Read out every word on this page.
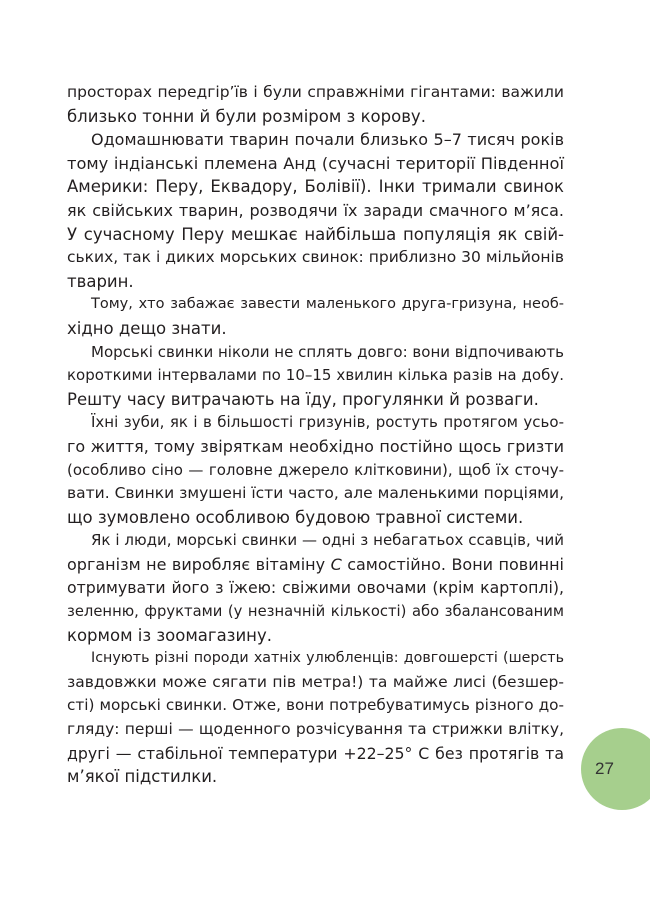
просторах передгір’їв і були справжніми гігантами: важили
близько тонни й були розміром з корову.
Одомашнювати тварин почали близько 5–7 тисяч років
тому індіанські племена Анд (сучасні території Південної
Америки: Перу, Еквадору, Болівії). Інки тримали свинок
як свійських тварин, розводячи їх заради смачного м’яса.
У сучасному Перу мешкає найбільша популяція як свій-
ських, так і диких морських свинок: приблизно 30 мільйонів
тварин.
Тому, хто забажає завести маленького друга-гризуна, необ-
хідно дещо знати.
Морські свинки ніколи не сплять довго: вони відпочивають
короткими інтервалами по 10–15 хвилин кілька разів на добу.
Решту часу витрачають на їду, прогулянки й розваги.
Їхні зуби, як і в більшості гризунів, ростуть протягом усьо-
го життя, тому звіряткам необхідно постійно щось гризти
(особливо сіно — головне джерело клітковини), щоб їх сточу-
вати. Свинки змушені їсти часто, але маленькими порціями,
що зумовлено особливою будовою травної системи.
Як і люди, морські свинки — одні з небагатьох ссавців, чий
організм не виробляє вітаміну С самостійно. Вони повинні
отримувати його з їжею: свіжими овочами (крім картоплі),
зеленню, фруктами (у незначній кількості) або збалансованим
кормом із зоомагазину.
Існують різні породи хатніх улюбленців: довгошерсті (шерсть
завдовжки може сягати пів метра!) та майже лисі (безшер-
сті) морські свинки. Отже, вони потребуватимусь різного до-
гляду: перші — щоденного розчісування та стрижки влітку,
другі — стабільної температури +22–25° С без протягів та
м’якої підстилки.	27
